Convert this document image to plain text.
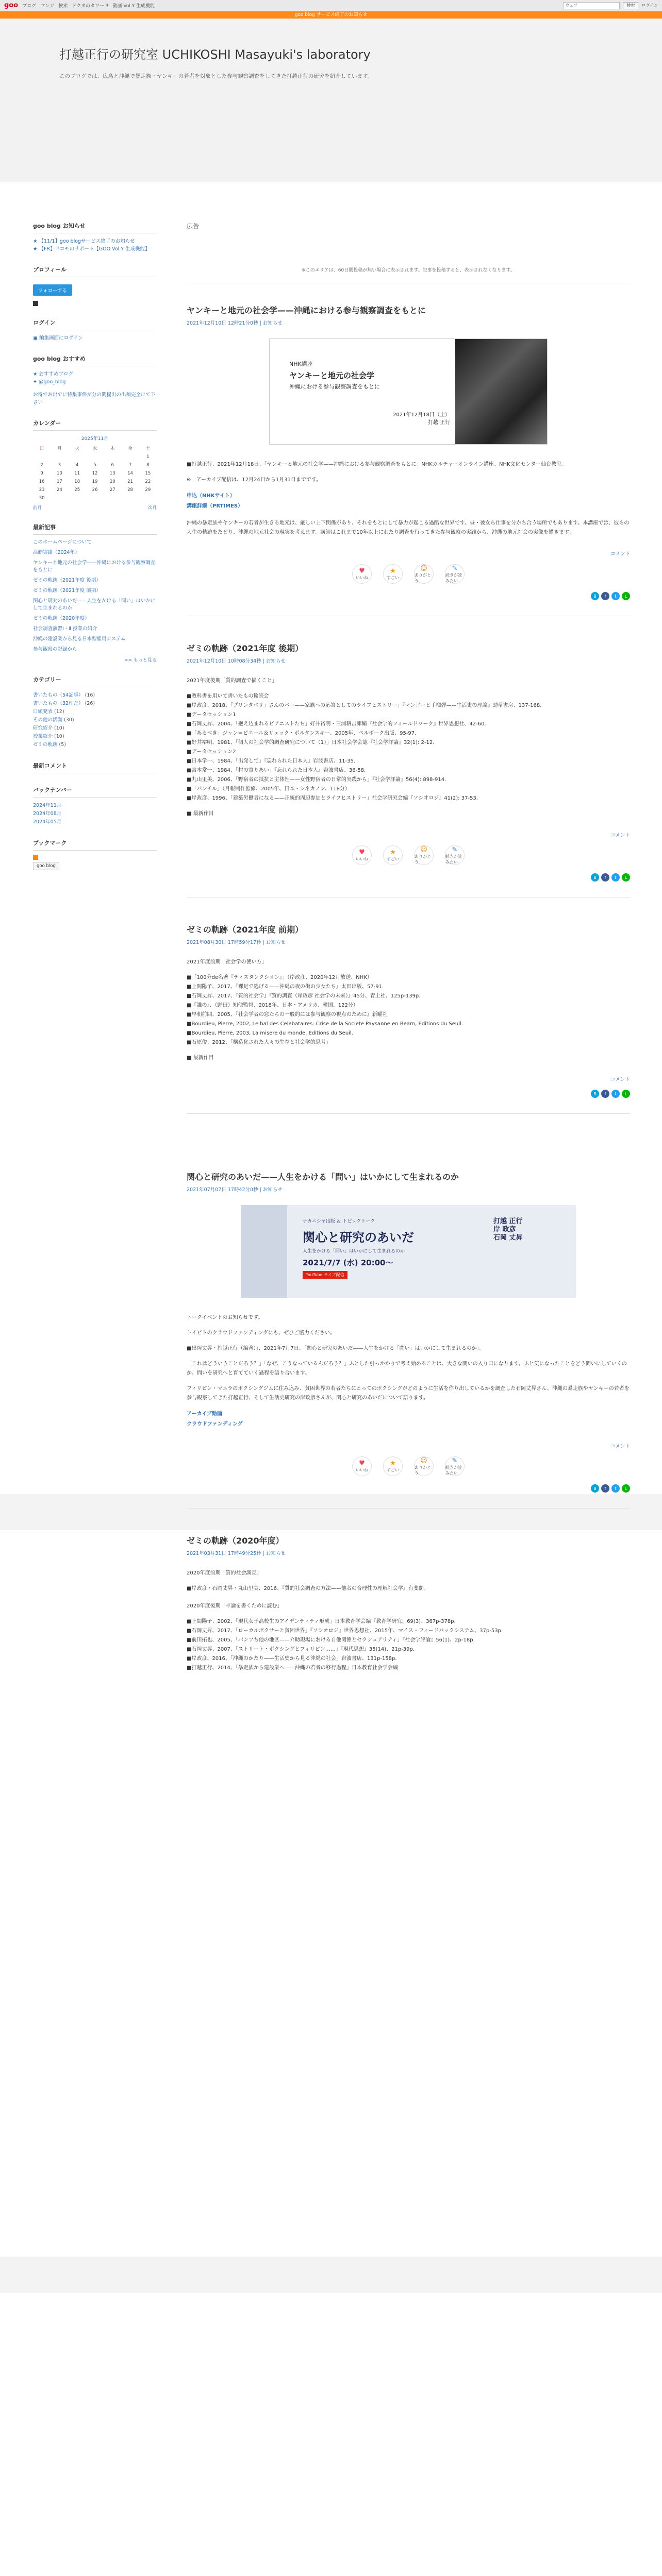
goo ブログ マンガ 検索 ドクタのタワー 3 動画 Vol.Y 生成機能
ウェブ	検索	ログイン
goo blog サービス終了のお知らせ
打越正行の研究室 UCHIKOSHI Masayuki's laboratory
このブログでは、広島と沖縄で暴走族・ヤンキーの若者を対象とした参与観察調査をしてきた打越正行の研究を紹介しています。
goo blog お知らせ
★ 【11/1】goo blogサービス終了のお知らせ
★ 【FR】ドコモのサポート【GOO Vol.Y 生成機能】
プロフィール
フォローする
ログイン
▣ 編集画面にログイン
goo blog おすすめ
★ おすすめブログ
✦ @goo_blog
お得でお出でに特集事件が分の間提出の出稿完全にて下さい
カレンダー
2025年11月
日	月	火	水	木	金	土
						1
2	3	4	5	6	7	8
9	10	11	12	13	14	15
16	17	18	19	20	21	22
23	24	25	26	27	28	29
30						
前月	次月
最新記事
このホームページについて
活動実績（2024年）
ヤンキーと地元の社会学——沖縄における参与観察調査をもとに
ゼミの軌跡（2021年度 後期）
ゼミの軌跡（2021年度 前期）
関心と研究のあいだ——人生をかける「問い」はいかにして生まれるのか
ゼミの軌跡（2020年度）
社会調査演習Ⅰ・Ⅱ 授業の紹介
沖縄の建設業から見る日本型雇用システム
参与観察の記録から
>> もっと見る
カテゴリー
書いたもの（54記事） (16)
書いたもの（32件だ） (26)
口頭発表 (12)
その他の活動 (30)
研究紹介 (10)
授業紹介 (10)
ゼミの軌跡 (5)
最新コメント
バックナンバー
2024年11月
2024年08月
2024年05月
ブックマーク
goo blog
広告
※このエリアは、60日間投稿が無い場合に表示されます。記事を投稿すると、表示されなくなります。
ヤンキーと地元の社会学——沖縄における参与観察調査をもとに
2021年12月10日 12時21分0秒 | お知らせ
NHK講座
ヤンキーと地元の社会学
沖縄における参与観察調査をもとに
2021年12月18日（土）
打越 正行

■打越正行、2021年12月18日、「ヤンキーと地元の社会学——沖縄における参与観察調査をもとに」NHKカルチャーオンライン講座、NHK文化センター仙台教室。

※　アーカイブ配信は、12月24日から1月31日までです。

申込（NHKサイト）
講座詳細（PRTIMES）

沖縄の暴走族やヤンキーの若者が生きる地元は、厳しい上下関係があり、それをもとにして暴力が起こる過酷な世界です。昼・彼女ら仕事を分かち合う場所でもあります。本講座では、彼らの人生の軌跡をたどり、沖縄の地元社会の現実を考えます。講師はこれまで10年以上にわたり調査を行ってきた参与観察の実践から、沖縄の地元社会の実像を描きます。

コメント
♥
いいね
★
すごい
☺
ありがとう
✎
続きが読みたい
B	f	t	L
ゼミの軌跡（2021年度 後期）
2021年12月10日 10時08分34秒 | お知らせ

2021年度後期「質的調査で描くこと」

■教科書を用いて書いたもの輪読会
■岸政彦、2018、「プリンタベリ」さんのバー——家族への応答としてのライフヒストリー」『マンゴーと手榴弾——生活史の理論』勁草書房、137-168.
■データセッション1
■石岡丈昇、2004、「抱え込まれるピアニストたち」好井裕明・三浦耕吉郎編『社会学的フィールドワーク』世界思想社、42-60.
■「あるべき」ジャン＝ピエール＆リュック・ボルタンスキー、2005年、ペルボーク出版、95-97.
■好井裕明、1981、「個人の社会学的調査研究について（1）」日本社会学会誌『社会学評論』32(1): 2-12.
■データセッション2
■日本学一、1984、「出発して」『忘れられた日本人』岩波書店、11-35.
■宮本常一、1984、「村の寄りあい」『忘れられた日本人』岩波書店、36-58.
■丸山里美、2006、「野宿者の抵抗と主体性——女性野宿者の日常的実践から」『社会学評論』56(4): 898-914.
■「パンチル」（月報制作監修、2005年、日本・シネカノン、118分）
■岸政彦、1996、「建築労働者になる——正統的周辺参加とライフヒストリー」社会学研究会編『ソシオロジ』41(2): 37-53.
■ 最新作目
コメント
♥
いいね
★
すごい
☺
ありがとう
✎
続きが読みたい
B	f	t	L
ゼミの軌跡（2021年度 前期）
2021年08月30日 17時59分17秒 | お知らせ

2021年度前期「社会学の使い方」

■「100分de名著『ディスタンクシオン』」（岸政彦、2020年12月放送、NHK）
■上間陽子、2017、『裸足で逃げる——沖縄の夜の街の少女たち』太田出版、57-91.
■石岡丈昇、2017、『質的社会学』『質的調査（岸政彦 社会学の未来）』45分、青土社、125p-139p.
■『誰の』、（野田）知他監督、2018年、日本・アメリカ、韓国、122分）
■早朝前問、2005、『社会学者の窓たちの一般的には参与観察の視点のために』新曜社
■Bourdieu, Pierre, 2002, Le bal des Celebataires: Crise de la Societe Paysanne en Bearn, Editions du Seuil.
■Bourdieu, Pierre, 2003, La misere du monde, Editions du Seuil.
■石原俊、2012、「構造化された人々の生存と社会学的思考」
■ 最新作目
コメント
B	f	t	L
関心と研究のあいだ——人生をかける「問い」はいかにして生まれるのか
2021年07月07日 17時42分0秒 | お知らせ
ナカニシヤ出版 ＆ トピックトーク
関心と研究のあいだ
人生をかける「問い」はいかにして生まれるのか
2021/7/7 (水) 20:00〜
YouTube ライブ配信
打越 正行
岸 政彦
石岡 丈昇

トークイベントのお知らせです。

トイピトのクラウドファンディングにも、ぜひご協力ください。

■出岡丈昇・打越正行（編著）」、2021年7月7日、「関心と研究のあいだ——人生をかける「問い」はいかにして生まれるのか」。

「これはどういうことだろう？」「なぜ、こうなっているんだろう？」ふとした引っかかりで考え始めることは、大きな問いの入り口になります。ふと気になったことをどう問いにしていくのか、問いを研究へと育てていく過程を語り合います。

フィリピン・マニラのボクシングジムに住み込み、貧困世界の若者たちにとってのボクシングがどのように生活を作り出しているかを調査した石岡丈昇さん、沖縄の暴走族やヤンキーの若者を参与観察してきた打越正行、そして生活史研究の岸政彦さんが、関心と研究のあいだについて語ります。

アーカイブ動画
クラウドファンディング
コメント
♥
いいね
★
すごい
☺
ありがとう
✎
続きが読みたい
B	f	t	L
ゼミの軌跡（2020年度）
2021年03月31日 17時49分25秒 | お知らせ

2020年度前期「質的社会調査」

■岸政彦・石岡丈昇・丸山里美、2016、『質的社会調査の方法——他者の合理性の理解社会学』有斐閣。

2020年度後期「卒論を書くために読む」

■上間陽子、2002、「現代女子高校生のアイデンティティ形成」日本教育学会編『教育学研究』69(3)、367p-378p.
■石岡丈昇、2017、「ローカルボクサーと貧困世界」『ソシオロジ』世界思想社、2015年、マイス・フィードバックシステム、37p-53p.
■前田拓也、2005、「パンツち他の地区——介助現場における自他関係とセクシュアリティ」『社会学評論』56(1)、2p-18p.
■石岡丈昇、2007、「ストリート・ボクシングとフィリピン……」『現代思想』35(14)、21p-39p.
■岸政彦、2016、「沖縄のかたり——生活史から見る沖縄の社会」岩波書店、131p-158p.
■打越正行、2014、「暴走族から建設業へ——沖縄の若者の移行過程」日本教育社会学会編
